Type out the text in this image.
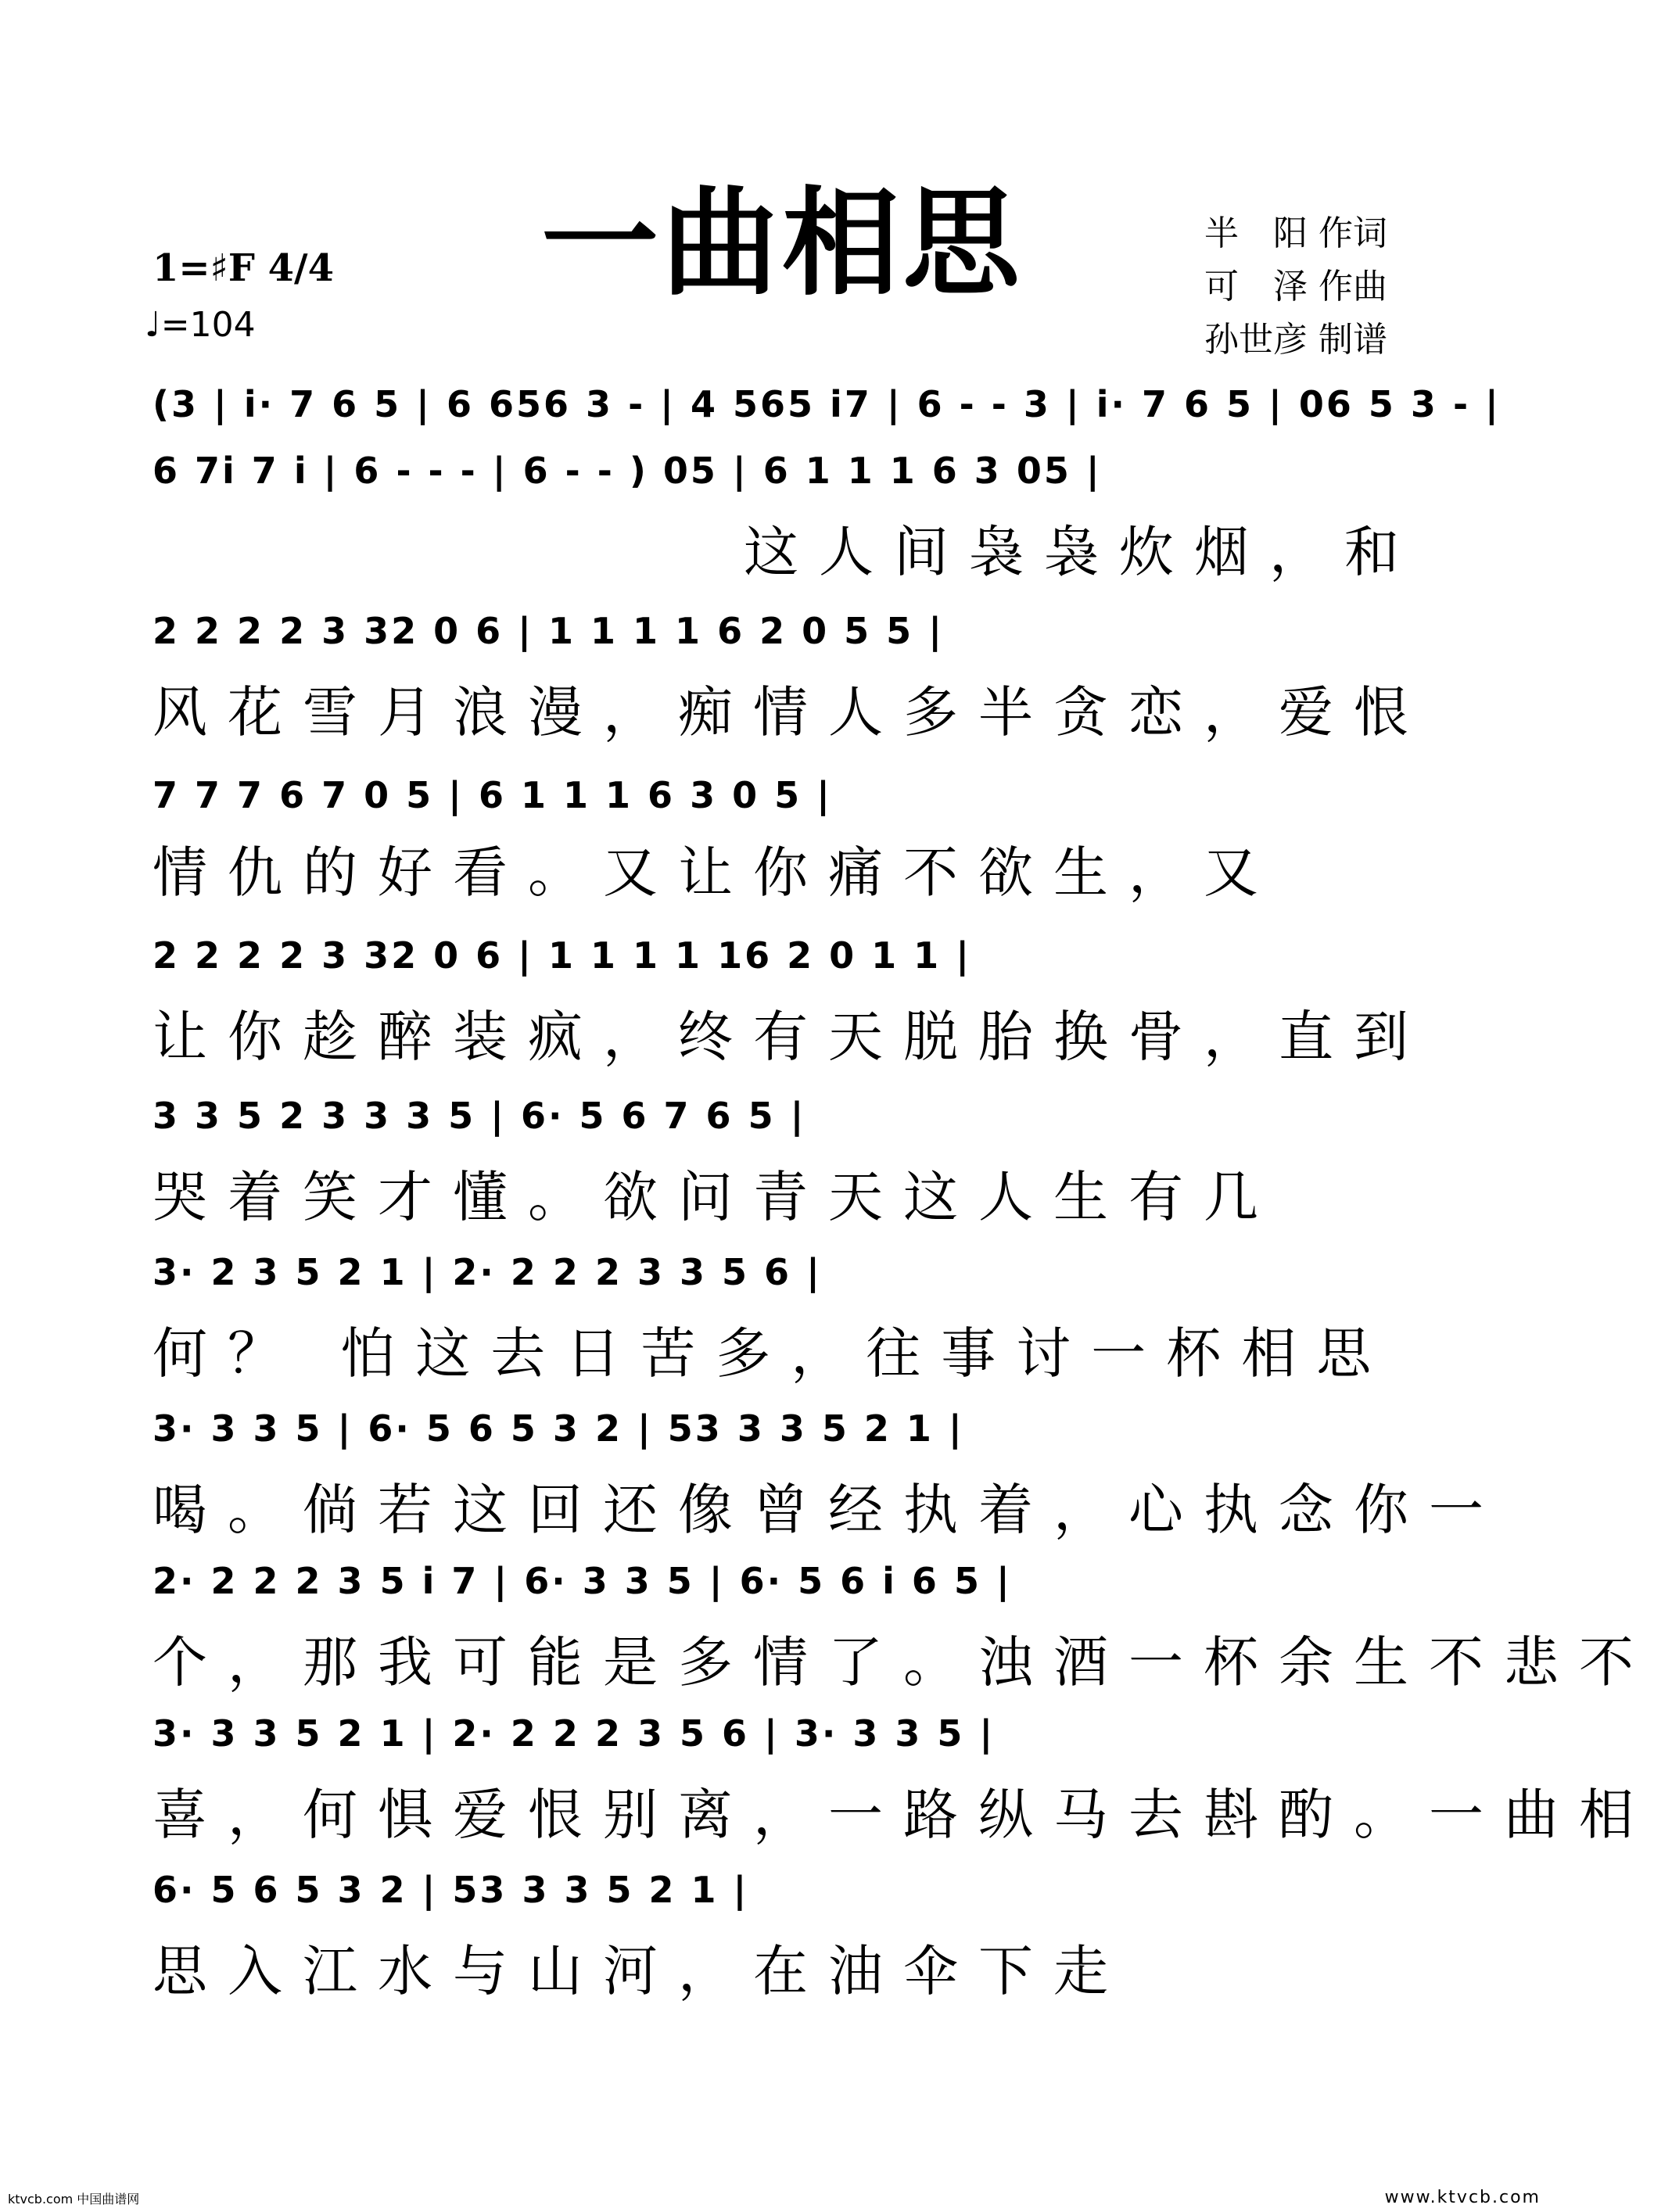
一曲相思	半　阳 作词
可　泽 作曲
孙世彦 制谱
1=♯F 4/4
♩=104
(3 | i· 7 6 5 | 6 656 3 - | 4 565 i7 | 6 - - 3 | i· 7 6 5 | 06 5 3 - |
6 7i 7 i | 6 - - - | 6 - - ) 05 | 6 1 1 1 6 3 05 |
这人间袅袅炊烟，和
2 2 2 2 3 32 0 6 | 1 1 1 1 6 2 0 5 5 |
风花雪月浪漫，痴情人多半贪恋，爱恨
7 7 7 6 7 0 5 | 6 1 1 1 6 3 0 5 |
情仇的好看。又让你痛不欲生，又
2 2 2 2 3 32 0 6 | 1 1 1 1 16 2 0 1 1 |
让你趁醉装疯，终有天脱胎换骨，直到
3 3 5 2 3 3 3 5 | 6· 5 6 7 6 5 |
哭着笑才懂。欲问青天这人生有几
3· 2 3 5 2 1 | 2· 2 2 2 3 3 5 6 |
何？ 怕这去日苦多，往事讨一杯相思
3· 3 3 5 | 6· 5 6 5 3 2 | 53 3 3 5 2 1 |
喝。倘若这回还像曾经执着，心执念你一
2· 2 2 2 3 5 i 7 | 6· 3 3 5 | 6· 5 6 i 6 5 |
个，那我可能是多情了。浊酒一杯余生不悲不
3· 3 3 5 2 1 | 2· 2 2 2 3 5 6 | 3· 3 3 5 |
喜，何惧爱恨别离，一路纵马去斟酌。一曲相
6· 5 6 5 3 2 | 53 3 3 5 2 1 |
思入江水与山河，在油伞下走
ktvcb.com 中国曲谱网	www.ktvcb.com
